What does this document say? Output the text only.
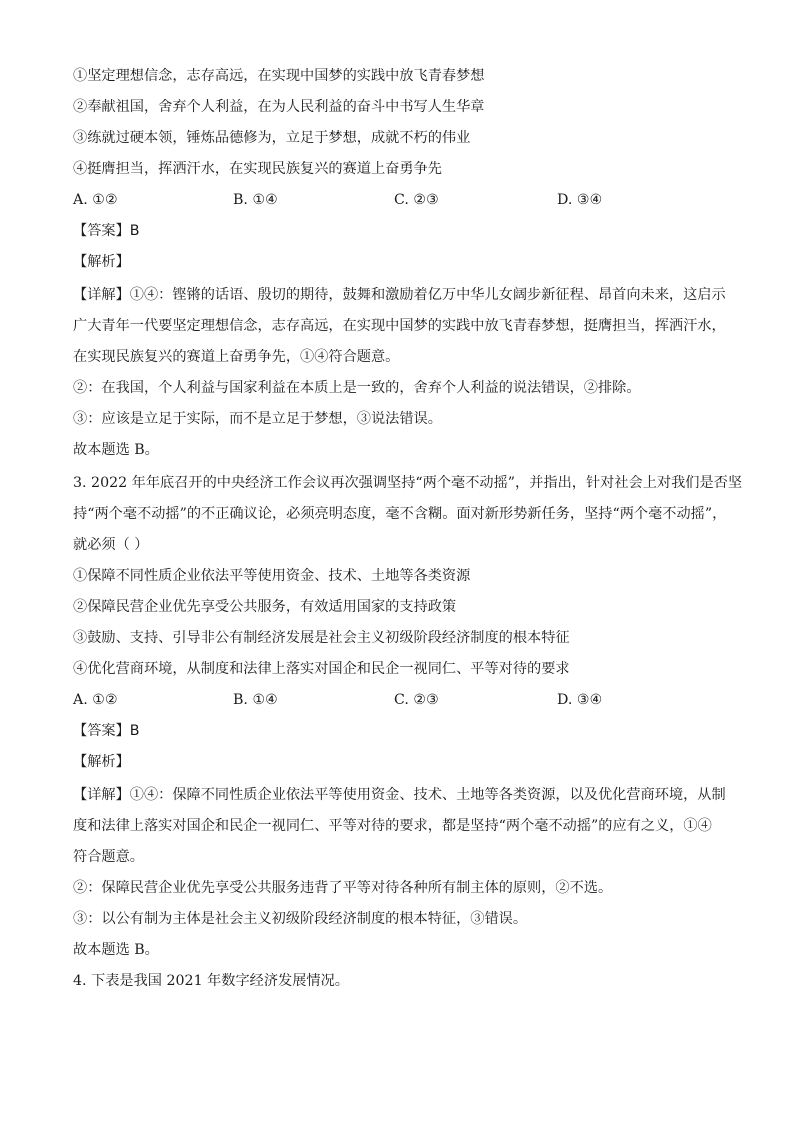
①坚定理想信念，志存高远，在实现中国梦的实践中放飞青春梦想
②奉献祖国，舍弃个人利益，在为人民利益的奋斗中书写人生华章
③练就过硬本领，锤炼品德修为，立足于梦想，成就不朽的伟业
④挺膺担当，挥洒汗水，在实现民族复兴的赛道上奋勇争先
A. ①②	B. ①④	C. ②③	D. ③④
【答案】B
【解析】
【详解】①④：铿锵的话语、殷切的期待，鼓舞和激励着亿万中华儿女阔步新征程、昂首向未来，这启示
广大青年一代要坚定理想信念，志存高远，在实现中国梦的实践中放飞青春梦想，挺膺担当，挥洒汗水，
在实现民族复兴的赛道上奋勇争先，①④符合题意。
②：在我国，个人利益与国家利益在本质上是一致的，舍弃个人利益的说法错误，②排除。
③：应该是立足于实际，而不是立足于梦想，③说法错误。
故本题选 B。
3. 2022 年年底召开的中央经济工作会议再次强调坚持“两个毫不动摇”，并指出，针对社会上对我们是否坚
持“两个毫不动摇”的不正确议论，必须亮明态度，毫不含糊。面对新形势新任务，坚持“两个毫不动摇”，
就必须（ ）
①保障不同性质企业依法平等使用资金、技术、土地等各类资源
②保障民营企业优先享受公共服务，有效适用国家的支持政策
③鼓励、支持、引导非公有制经济发展是社会主义初级阶段经济制度的根本特征
④优化营商环境，从制度和法律上落实对国企和民企一视同仁、平等对待的要求
A. ①②	B. ①④	C. ②③	D. ③④
【答案】B
【解析】
【详解】①④：保障不同性质企业依法平等使用资金、技术、土地等各类资源，以及优化营商环境，从制
度和法律上落实对国企和民企一视同仁、平等对待的要求，都是坚持“两个毫不动摇”的应有之义，①④
符合题意。
②：保障民营企业优先享受公共服务违背了平等对待各种所有制主体的原则，②不选。
③：以公有制为主体是社会主义初级阶段经济制度的根本特征，③错误。
故本题选 B。
4. 下表是我国 2021 年数字经济发展情况。
